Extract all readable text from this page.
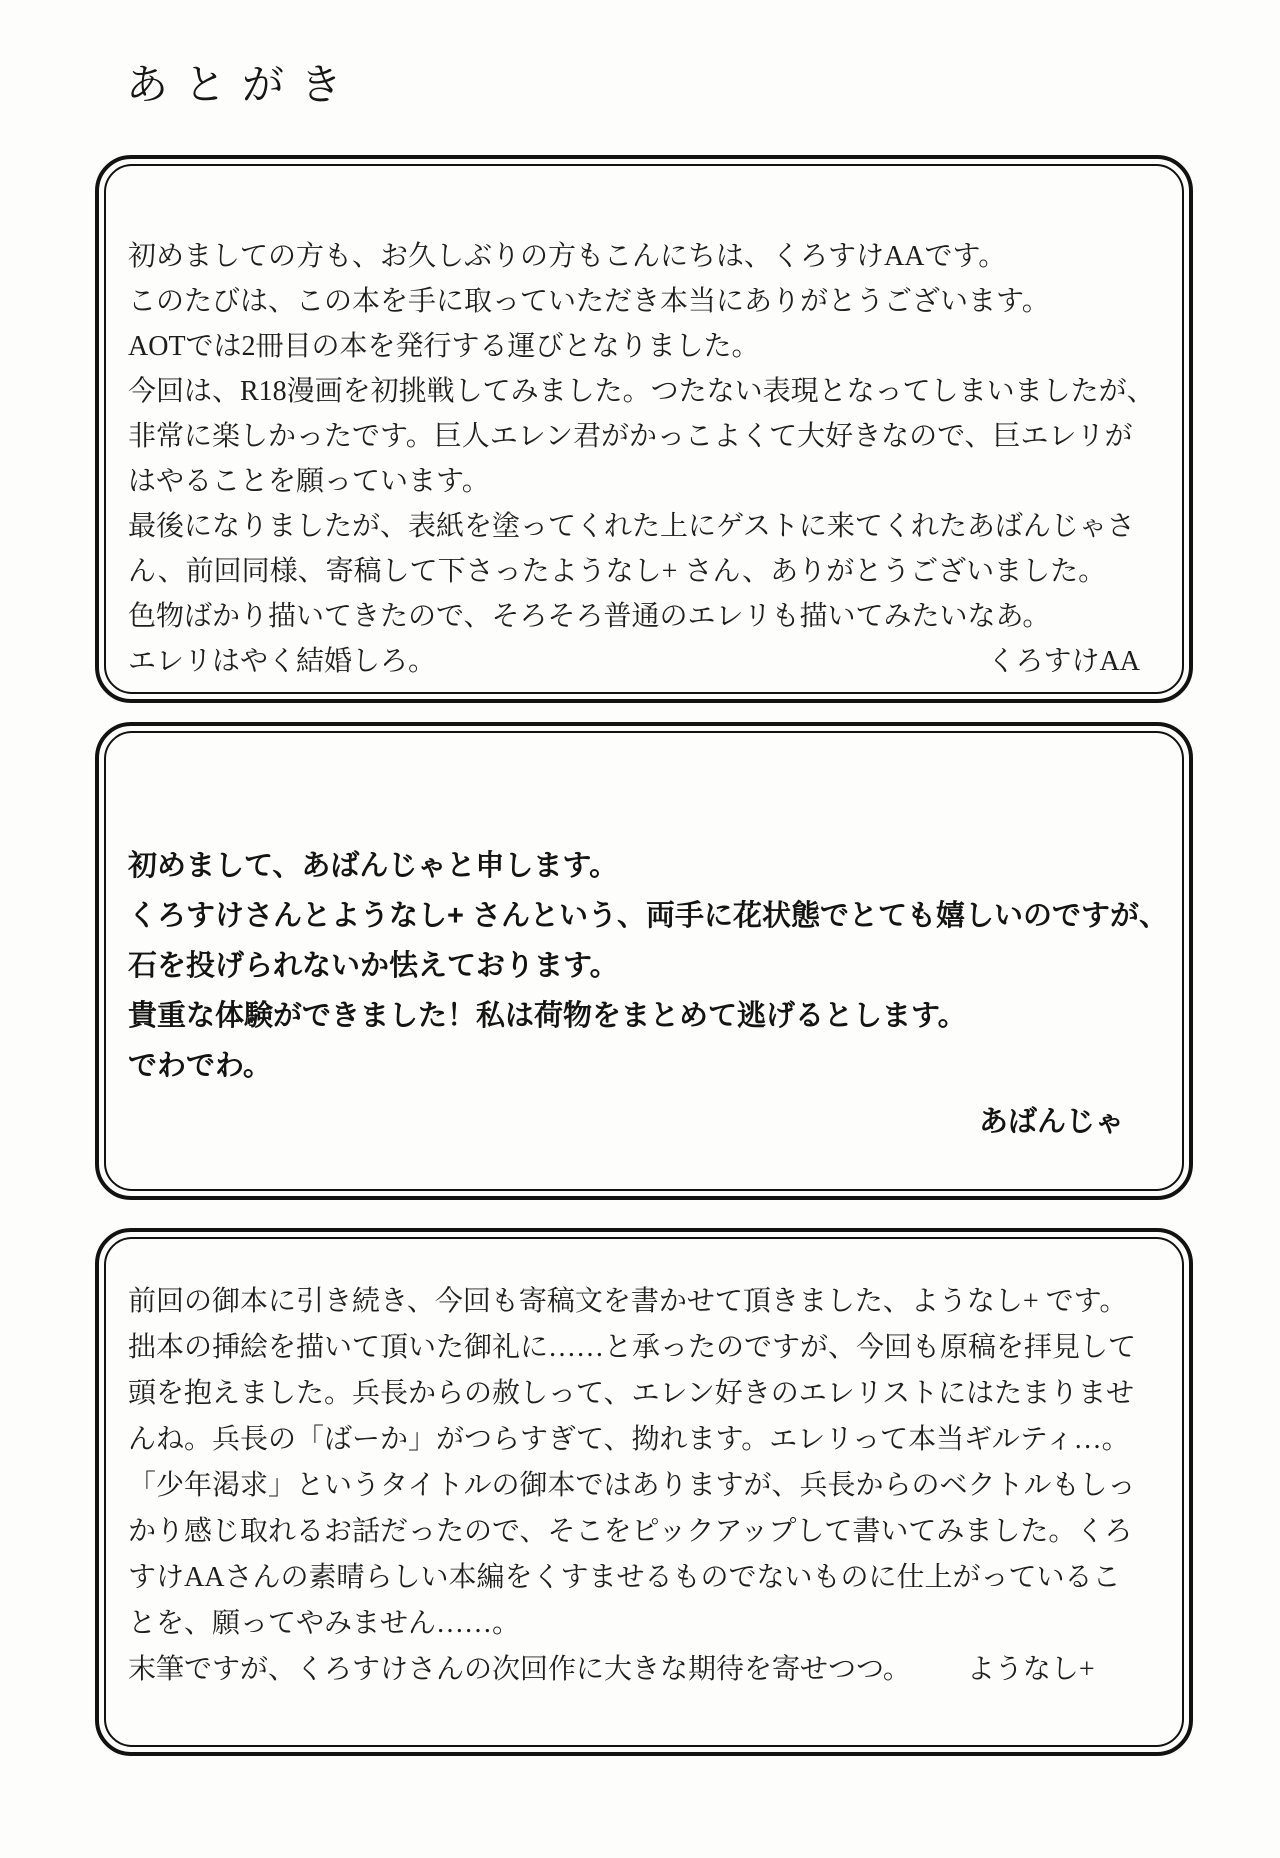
あとがき
初めましての方も、お久しぶりの方もこんにちは、くろすけAAです。
このたびは、この本を手に取っていただき本当にありがとうございます。
AOTでは2冊目の本を発行する運びとなりました。
今回は、R18漫画を初挑戦してみました。つたない表現となってしまいましたが、
非常に楽しかったです。巨人エレン君がかっこよくて大好きなので、巨エレリが
はやることを願っています。
最後になりましたが、表紙を塗ってくれた上にゲストに来てくれたあばんじゃさ
ん、前回同様、寄稿して下さったようなし+ さん、ありがとうございました。
色物ばかり描いてきたので、そろそろ普通のエレリも描いてみたいなあ。
エレリはやく結婚しろ。	くろすけAA
初めまして、あばんじゃと申します。
くろすけさんとようなし+ さんという、両手に花状態でとても嬉しいのですが、
石を投げられないか怯えております。
貴重な体験ができました！私は荷物をまとめて逃げるとします。
でわでわ。
あばんじゃ
前回の御本に引き続き、今回も寄稿文を書かせて頂きました、ようなし+ です。
拙本の挿絵を描いて頂いた御礼に……と承ったのですが、今回も原稿を拝見して
頭を抱えました。兵長からの赦しって、エレン好きのエレリストにはたまりませ
んね。兵長の「ばーか」がつらすぎて、拗れます。エレリって本当ギルティ…。
「少年渇求」というタイトルの御本ではありますが、兵長からのベクトルもしっ
かり感じ取れるお話だったので、そこをピックアップして書いてみました。くろ
すけAAさんの素晴らしい本編をくすませるものでないものに仕上がっているこ
とを、願ってやみません……。
末筆ですが、くろすけさんの次回作に大きな期待を寄せつつ。 ようなし+
